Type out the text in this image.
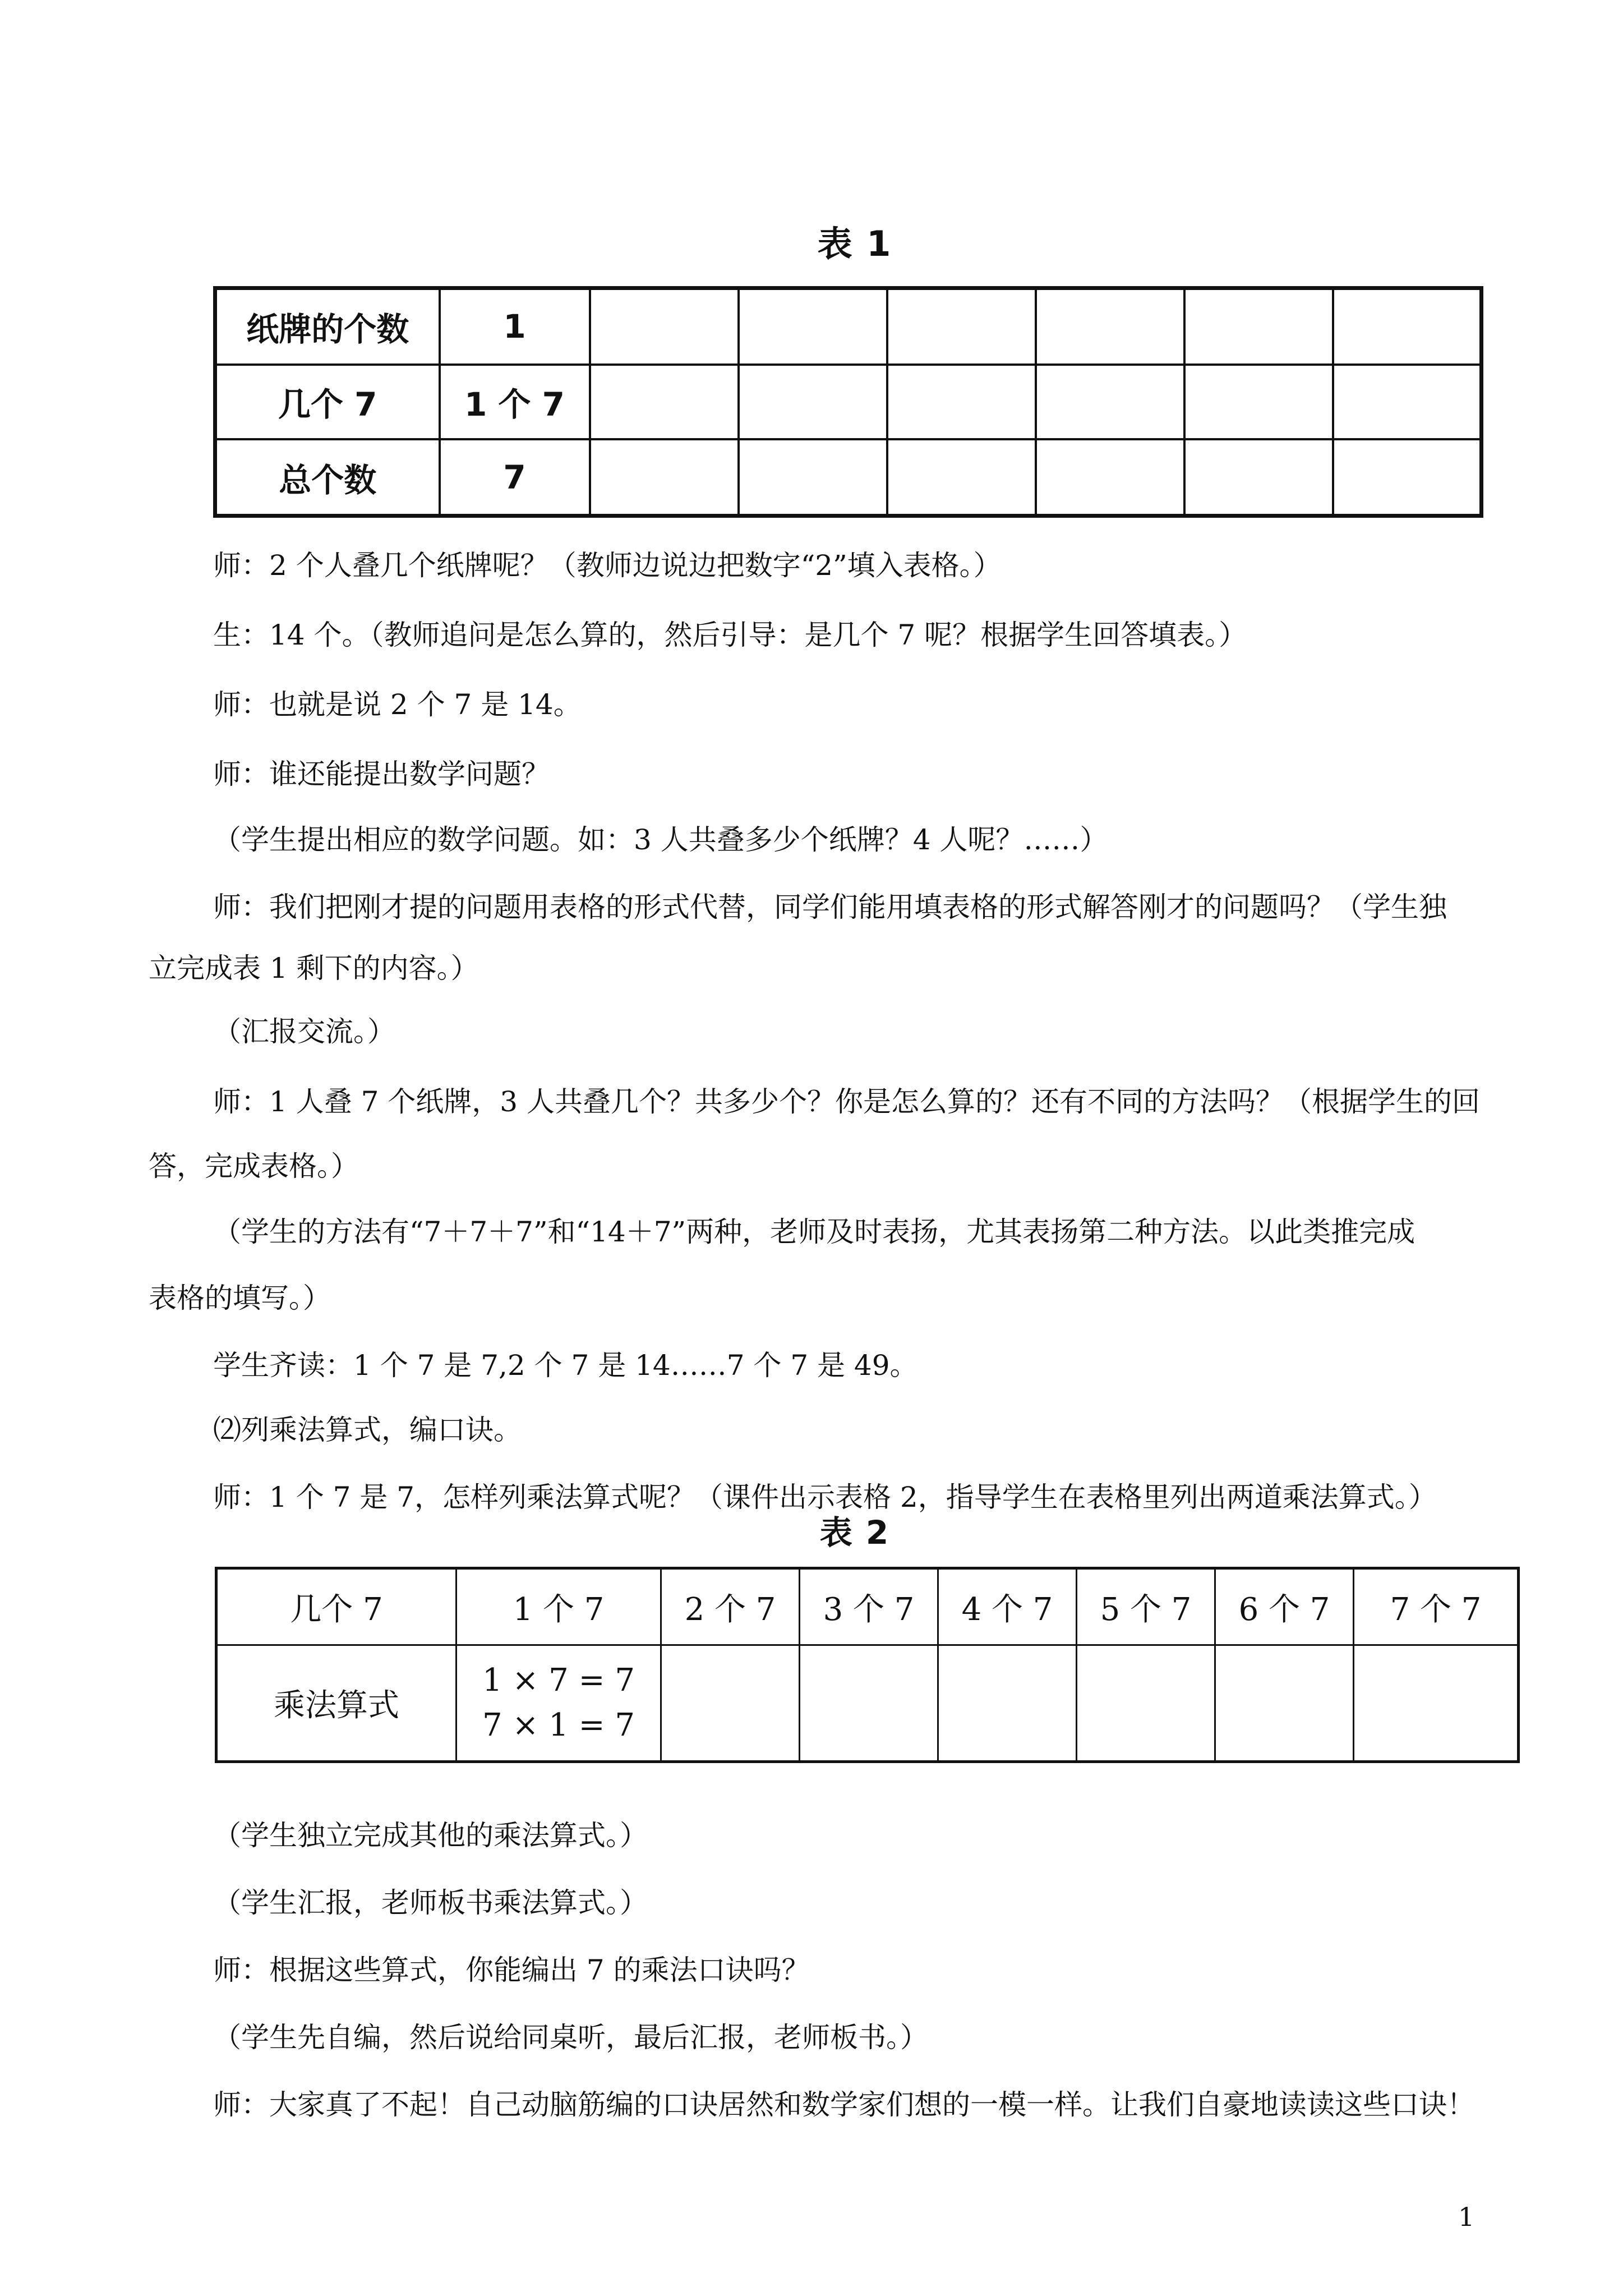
表 1
纸牌的个数	1						
几个 7	1 个 7						
总个数	7						
师：2 个人叠几个纸牌呢？（教师边说边把数字“2”填入表格。）
生：14 个。（教师追问是怎么算的，然后引导：是几个 7 呢？根据学生回答填表。）
师：也就是说 2 个 7 是 14。
师：谁还能提出数学问题？
（学生提出相应的数学问题。如：3 人共叠多少个纸牌？4 人呢？……）
师：我们把刚才提的问题用表格的形式代替，同学们能用填表格的形式解答刚才的问题吗？（学生独
立完成表 1 剩下的内容。）
（汇报交流。）
师：1 人叠 7 个纸牌，3 人共叠几个？共多少个？你是怎么算的？还有不同的方法吗？（根据学生的回
答，完成表格。）
（学生的方法有“7＋7＋7”和“14＋7”两种，老师及时表扬，尤其表扬第二种方法。以此类推完成
表格的填写。）
学生齐读：1 个 7 是 7,2 个 7 是 14……7 个 7 是 49。
⑵列乘法算式，编口诀。
师：1 个 7 是 7，怎样列乘法算式呢？（课件出示表格 2，指导学生在表格里列出两道乘法算式。）
表 2
几个 7	1 个 7	2 个 7	3 个 7	4 个 7	5 个 7	6 个 7	7 个 7
乘法算式	1 × 7 = 7
7 × 1 = 7						

（学生独立完成其他的乘法算式。）
（学生汇报，老师板书乘法算式。）
师：根据这些算式，你能编出 7 的乘法口诀吗？
（学生先自编，然后说给同桌听，最后汇报，老师板书。）
师：大家真了不起！自己动脑筋编的口诀居然和数学家们想的一模一样。让我们自豪地读读这些口诀！
1
